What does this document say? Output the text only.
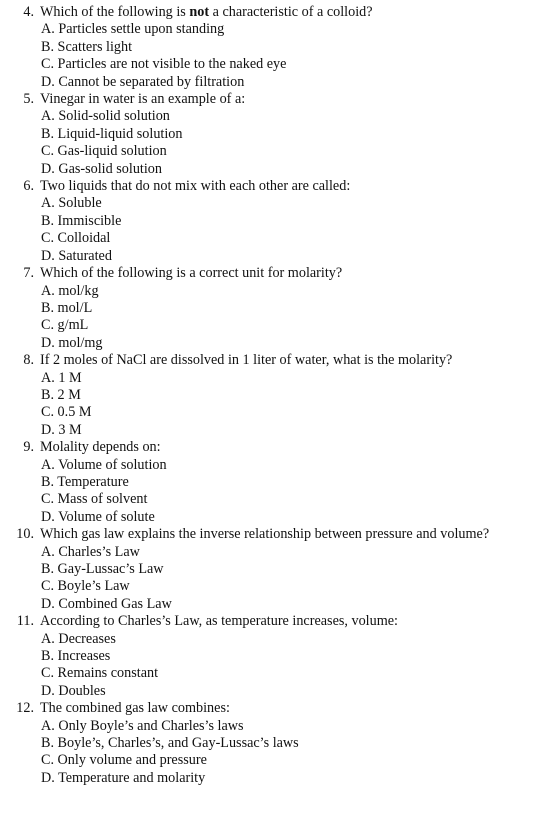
4. Which of the following is not a characteristic of a colloid?
A. Particles settle upon standing
B. Scatters light
C. Particles are not visible to the naked eye
D. Cannot be separated by filtration
5. Vinegar in water is an example of a:
A. Solid-solid solution
B. Liquid-liquid solution
C. Gas-liquid solution
D. Gas-solid solution
6. Two liquids that do not mix with each other are called:
A. Soluble
B. Immiscible
C. Colloidal
D. Saturated
7. Which of the following is a correct unit for molarity?
A. mol/kg
B. mol/L
C. g/mL
D. mol/mg
8. If 2 moles of NaCl are dissolved in 1 liter of water, what is the molarity?
A. 1 M
B. 2 M
C. 0.5 M
D. 3 M
9. Molality depends on:
A. Volume of solution
B. Temperature
C. Mass of solvent
D. Volume of solute
10. Which gas law explains the inverse relationship between pressure and volume?
A. Charles’s Law
B. Gay-Lussac’s Law
C. Boyle’s Law
D. Combined Gas Law
11. According to Charles’s Law, as temperature increases, volume:
A. Decreases
B. Increases
C. Remains constant
D. Doubles
12. The combined gas law combines:
A. Only Boyle’s and Charles’s laws
B. Boyle’s, Charles’s, and Gay-Lussac’s laws
C. Only volume and pressure
D. Temperature and molarity
